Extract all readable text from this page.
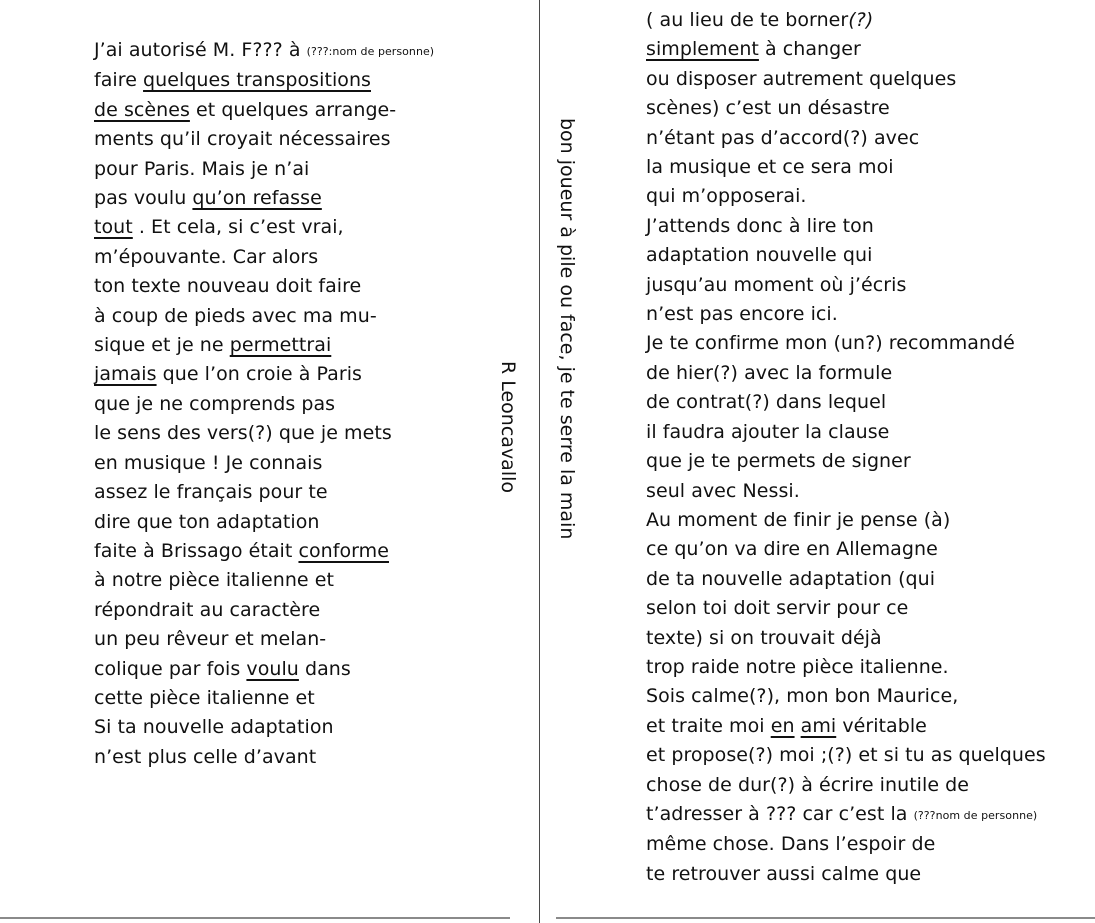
J’ai autorisé M. F??? à (???:nom de personne)
faire quelques transpositions
de scènes et quelques arrange-
ments qu’il croyait nécessaires
pour Paris. Mais je n’ai
pas voulu qu’on refasse
tout . Et cela, si c’est vrai,
m’épouvante. Car alors
ton texte nouveau doit faire
à coup de pieds avec ma mu-
sique et je ne permettrai
jamais que l’on croie à Paris
que je ne comprends pas
le sens des vers(?) que je mets
en musique ! Je connais
assez le français pour te
dire que ton adaptation
faite à Brissago était conforme
à notre pièce italienne et
répondrait au caractère
un peu rêveur et melan-
colique par fois voulu dans
cette pièce italienne et
Si ta nouvelle adaptation
n’est plus celle d’avant
R Leoncavallo bon joueur à pile ou face, je te serre la main
( au lieu de te borner(?)
simplement à changer
ou disposer autrement quelques
scènes) c’est un désastre
n’étant pas d’accord(?) avec
la musique et ce sera moi
qui m’opposerai.
J’attends donc à lire ton
adaptation nouvelle qui
jusqu’au moment où j’écris
n’est pas encore ici.
Je te confirme mon (un?) recommandé
de hier(?) avec la formule
de contrat(?) dans lequel
il faudra ajouter la clause
que je te permets de signer
seul avec Nessi.
Au moment de finir je pense (à)
ce qu’on va dire en Allemagne
de ta nouvelle adaptation (qui
selon toi doit servir pour ce
texte) si on trouvait déjà
trop raide notre pièce italienne.
Sois calme(?), mon bon Maurice,
et traite moi en ami véritable
et propose(?) moi ;(?) et si tu as quelques
chose de dur(?) à écrire inutile de
t’adresser à ??? car c’est la (???nom de personne)
même chose. Dans l’espoir de
te retrouver aussi calme que
